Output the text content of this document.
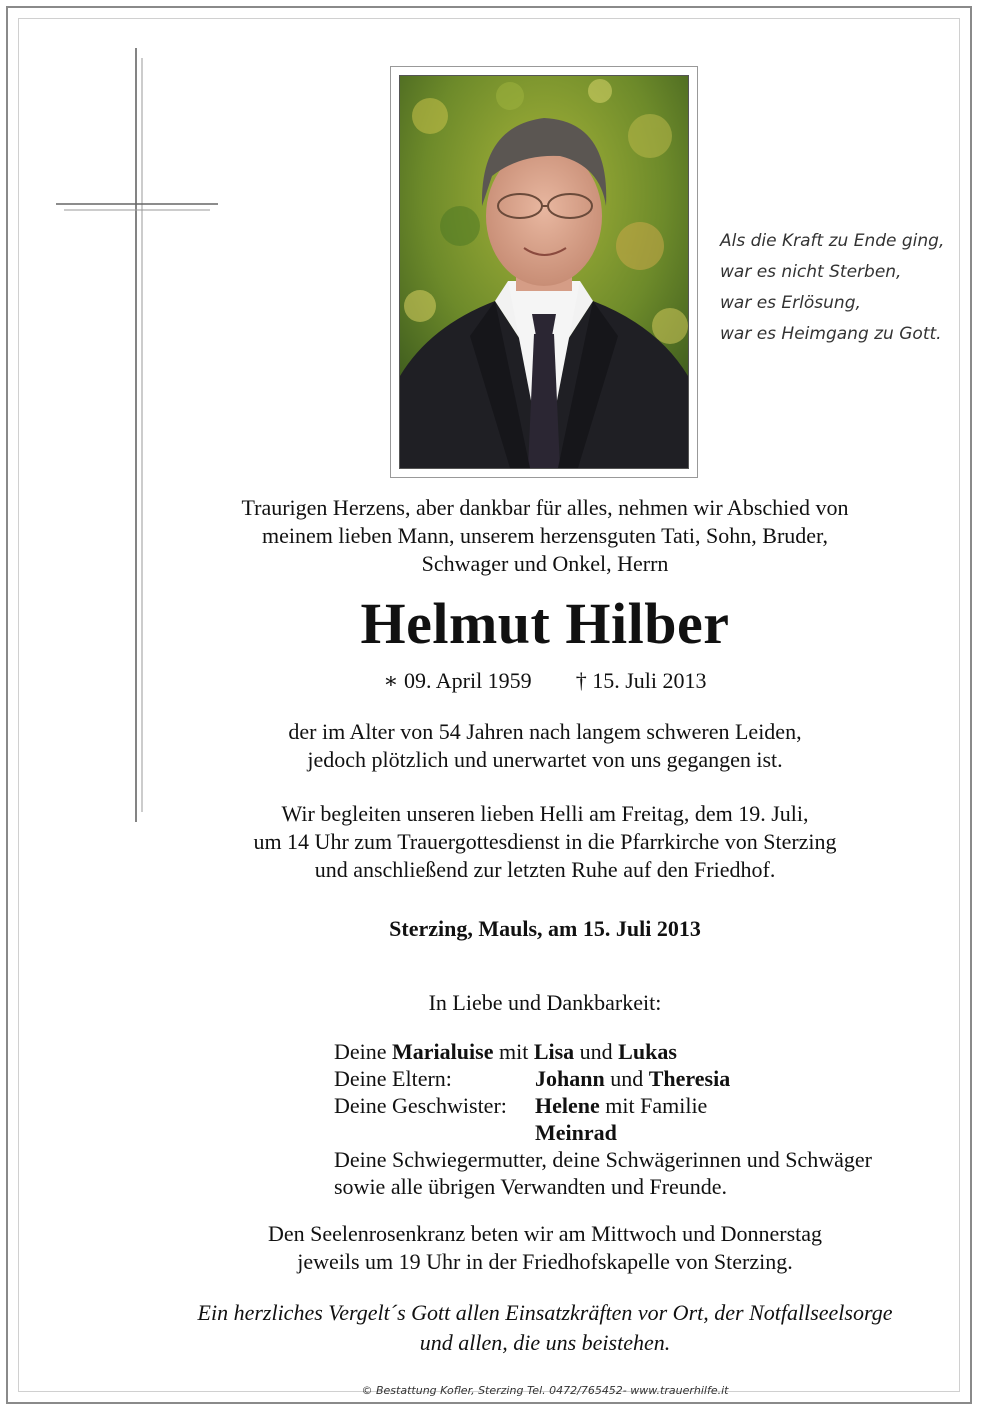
Als die Kraft zu Ende ging,
war es nicht Sterben,
war es Erlösung,
war es Heimgang zu Gott.
Traurigen Herzens, aber dankbar für alles, nehmen wir Abschied von
meinem lieben Mann, unserem herzensguten Tati, Sohn, Bruder,
Schwager und Onkel, Herrn
Helmut Hilber
∗ 09. April 1959 † 15. Juli 2013
der im Alter von 54 Jahren nach langem schweren Leiden,
jedoch plötzlich und unerwartet von uns gegangen ist.
Wir begleiten unseren lieben Helli am Freitag, dem 19. Juli,
um 14 Uhr zum Trauergottesdienst in die Pfarrkirche von Sterzing
und anschließend zur letzten Ruhe auf den Friedhof.
Sterzing, Mauls, am 15. Juli 2013
In Liebe und Dankbarkeit:
Deine Marialuise mit Lisa und Lukas
Deine Eltern:	Johann und Theresia
Deine Geschwister: Helene mit Familie
Meinrad
Deine Schwiegermutter, deine Schwägerinnen und Schwäger
sowie alle übrigen Verwandten und Freunde.
Den Seelenrosenkranz beten wir am Mittwoch und Donnerstag
jeweils um 19 Uhr in der Friedhofskapelle von Sterzing.
Ein herzliches Vergelt´s Gott allen Einsatzkräften vor Ort, der Notfallseelsorge
und allen, die uns beistehen.
© Bestattung Kofler, Sterzing Tel. 0472/765452- www.trauerhilfe.it
